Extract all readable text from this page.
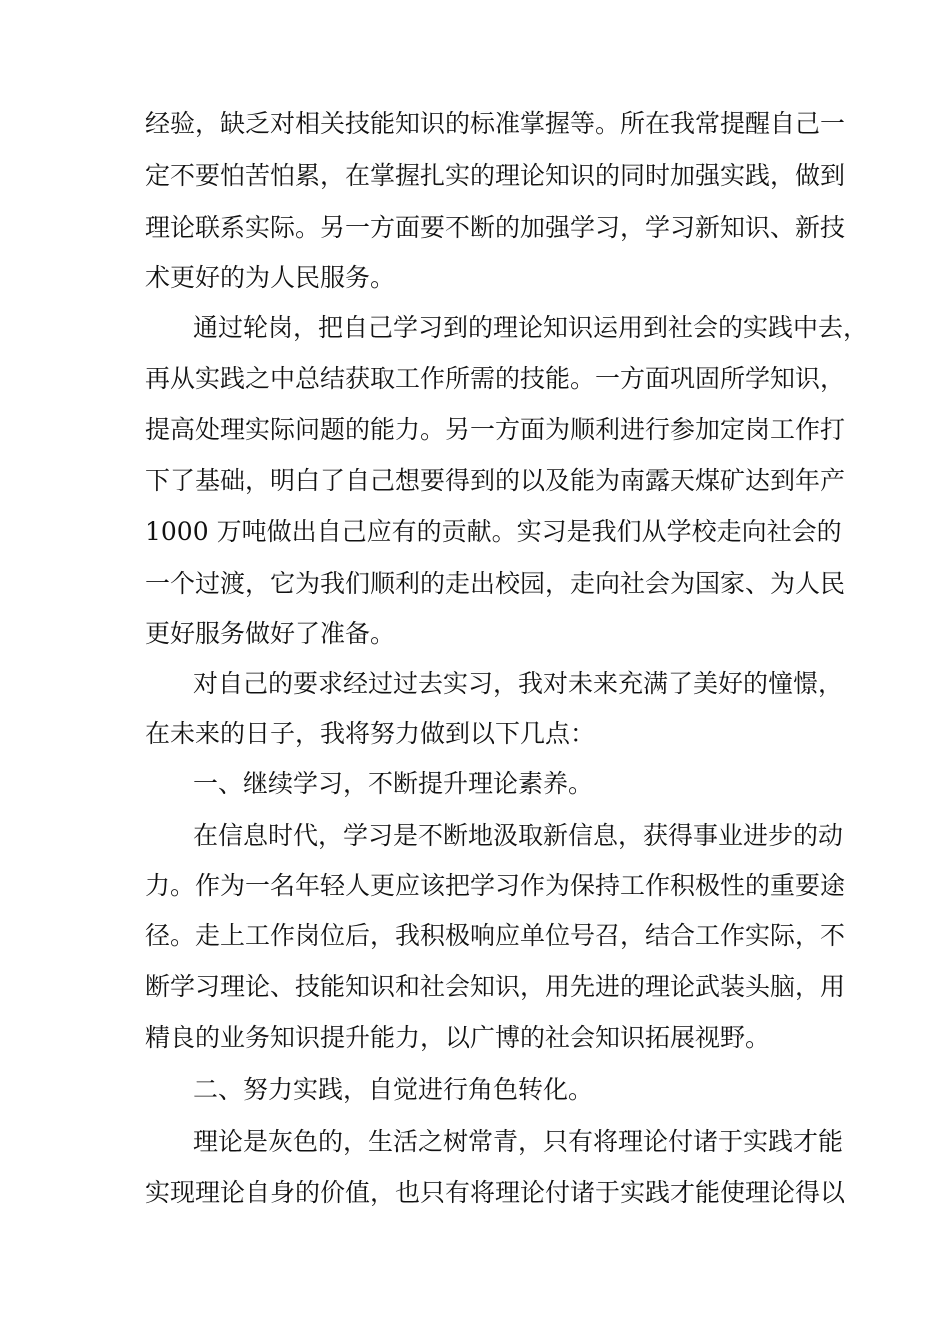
经验，缺乏对相关技能知识的标准掌握等。所在我常提醒自己一
定不要怕苦怕累，在掌握扎实的理论知识的同时加强实践，做到
理论联系实际。另一方面要不断的加强学习，学习新知识、新技
术更好的为人民服务。
通过轮岗，把自己学习到的理论知识运用到社会的实践中去，
再从实践之中总结获取工作所需的技能。一方面巩固所学知识，
提高处理实际问题的能力。另一方面为顺利进行参加定岗工作打
下了基础，明白了自己想要得到的以及能为南露天煤矿达到年产
1000 万吨做出自己应有的贡献。实习是我们从学校走向社会的
一个过渡，它为我们顺利的走出校园，走向社会为国家、为人民
更好服务做好了准备。
对自己的要求经过过去实习，我对未来充满了美好的憧憬，
在未来的日子，我将努力做到以下几点：
一、继续学习，不断提升理论素养。
在信息时代，学习是不断地汲取新信息，获得事业进步的动
力。作为一名年轻人更应该把学习作为保持工作积极性的重要途
径。走上工作岗位后，我积极响应单位号召，结合工作实际，不
断学习理论、技能知识和社会知识，用先进的理论武装头脑，用
精良的业务知识提升能力，以广博的社会知识拓展视野。
二、努力实践，自觉进行角色转化。
理论是灰色的，生活之树常青，只有将理论付诸于实践才能
实现理论自身的价值，也只有将理论付诸于实践才能使理论得以
